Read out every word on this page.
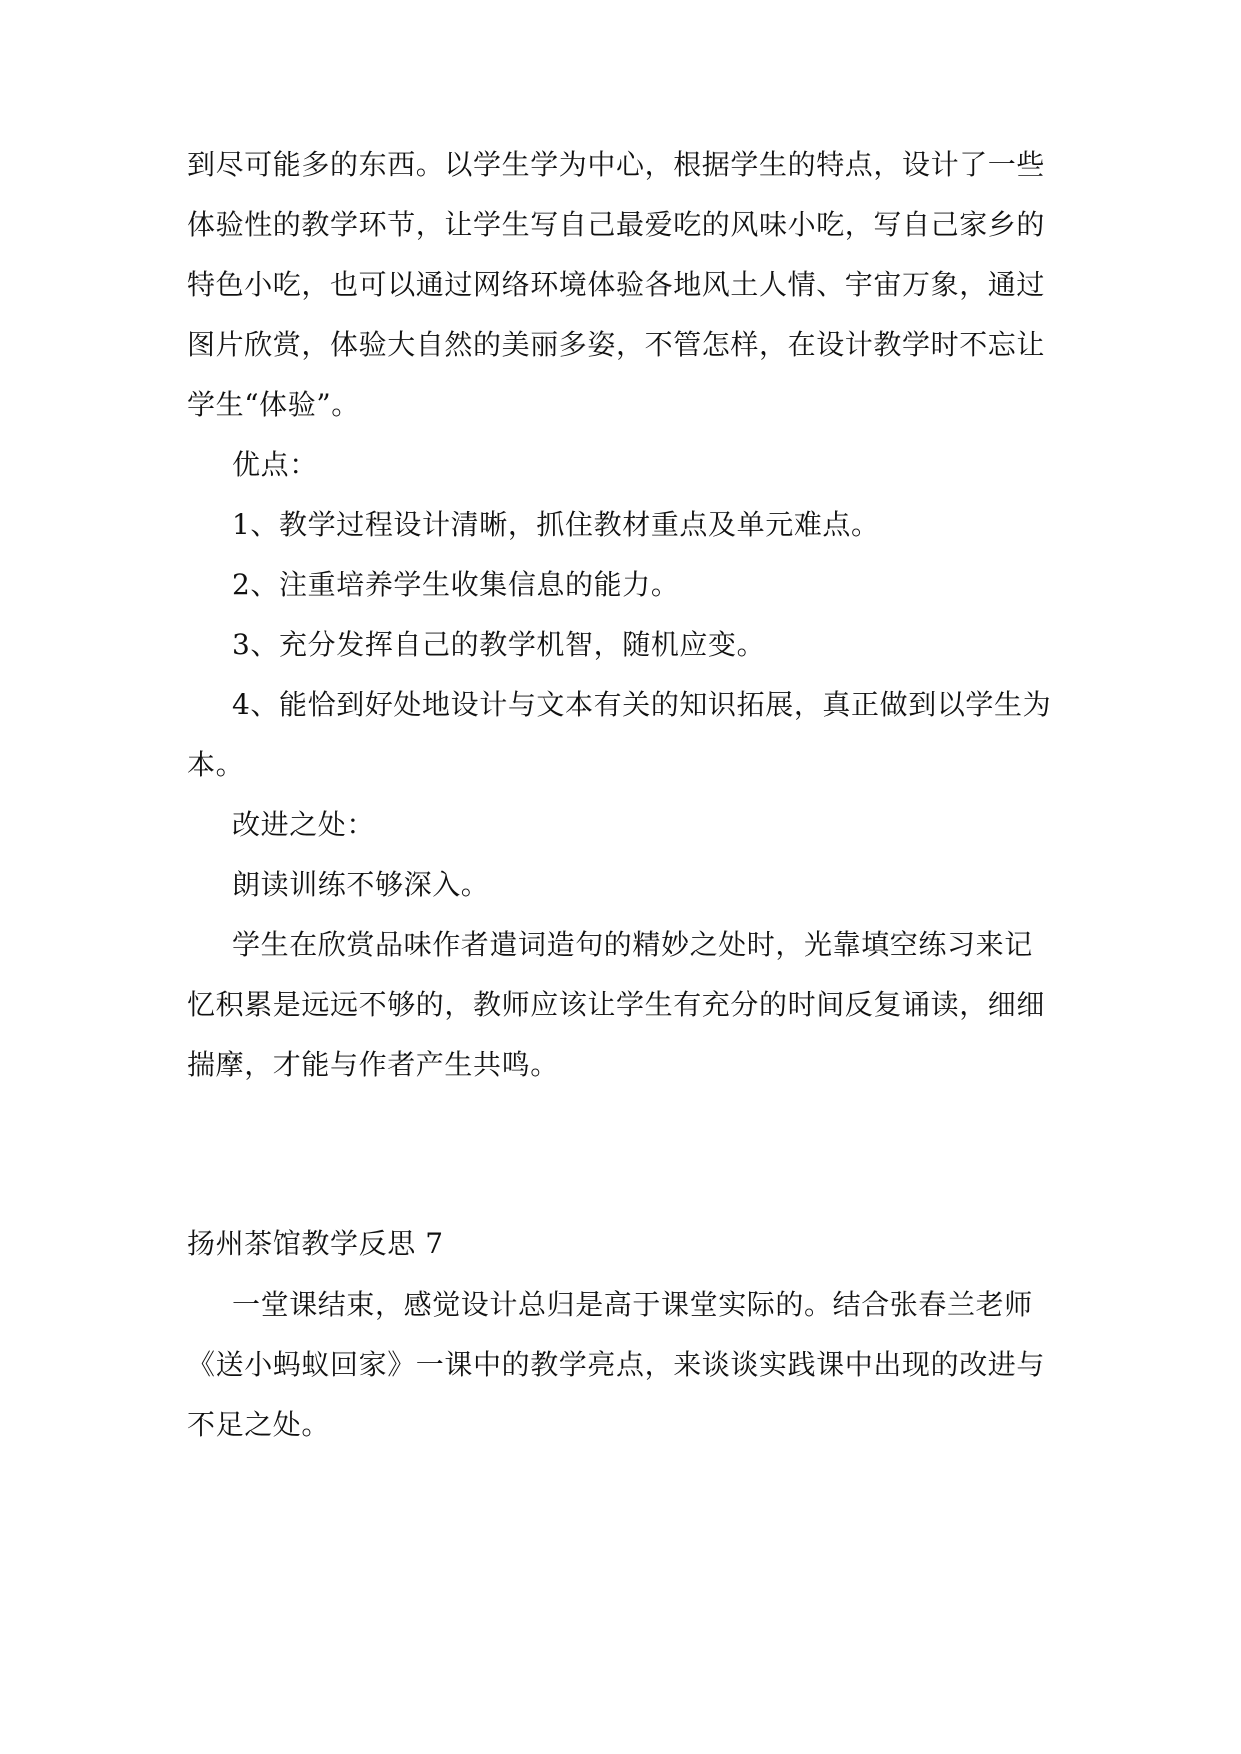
到尽可能多的东西。以学生学为中心，根据学生的特点，设计了一些
体验性的教学环节，让学生写自己最爱吃的风味小吃，写自己家乡的
特色小吃，也可以通过网络环境体验各地风土人情、宇宙万象，通过
图片欣赏，体验大自然的美丽多姿，不管怎样，在设计教学时不忘让
学生“体验”。
优点：
1、教学过程设计清晰，抓住教材重点及单元难点。
2、注重培养学生收集信息的能力。
3、充分发挥自己的教学机智，随机应变。
4、能恰到好处地设计与文本有关的知识拓展，真正做到以学生为
本。
改进之处：
朗读训练不够深入。
学生在欣赏品味作者遣词造句的精妙之处时，光靠填空练习来记
忆积累是远远不够的，教师应该让学生有充分的时间反复诵读，细细
揣摩，才能与作者产生共鸣。
扬州茶馆教学反思 7
一堂课结束，感觉设计总归是高于课堂实际的。结合张春兰老师
《送小蚂蚁回家》一课中的教学亮点，来谈谈实践课中出现的改进与
不足之处。
